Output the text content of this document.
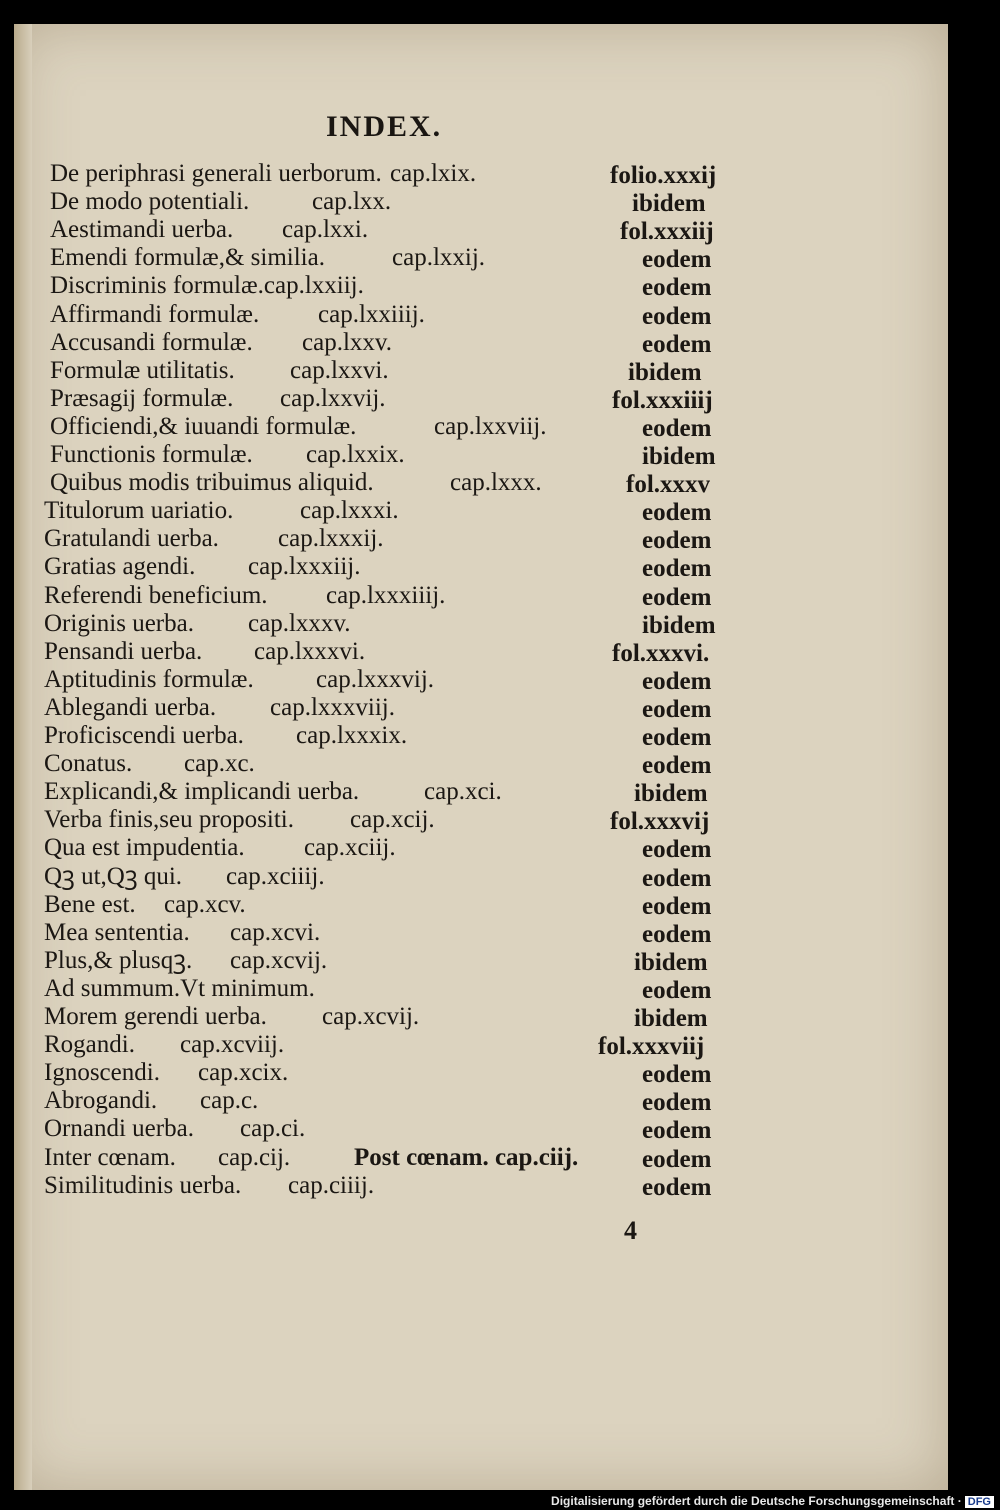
INDEX.
De periphrasi generali uerborum. cap.lxix.	folio.xxxij
De modo potentiali.	cap.lxx.	ibidem
Aestimandi uerba. cap.lxxi.	fol.xxxiij
Emendi formulæ,& similia.	cap.lxxij.	eodem
Discriminis formulæ.cap.lxxiij.	eodem
Affirmandi formulæ. cap.lxxiiij.	eodem
Accusandi formulæ. cap.lxxv.	eodem
Formulæ utilitatis. cap.lxxvi.	ibidem
Præsagij formulæ. cap.lxxvij.	fol.xxxiiij
Officiendi,& iuuandi formulæ.	cap.lxxviij.	eodem
Functionis formulæ. cap.lxxix.	ibidem
Quibus modis tribuimus aliquid.	cap.lxxx.	fol.xxxv
Titulorum uariatio.	cap.lxxxi.	eodem
Gratulandi uerba. cap.lxxxij.	eodem
Gratias agendi. cap.lxxxiij.	eodem
Referendi beneficium. cap.lxxxiiij.	eodem
Originis uerba. cap.lxxxv.	ibidem
Pensandi uerba. cap.lxxxvi.	fol.xxxvi.
Aptitudinis formulæ. cap.lxxxvij.	eodem
Ablegandi uerba. cap.lxxxviij.	eodem
Proficiscendi uerba. cap.lxxxix.	eodem
Conatus. cap.xc.	eodem
Explicandi,& implicandi uerba.	cap.xci.	ibidem
Verba finis,seu propositi. cap.xcij.	fol.xxxvij
Qua est impudentia. cap.xciij.	eodem
Qꝫ ut,Qꝫ qui. cap.xciiij.	eodem
Bene est. cap.xcv.	eodem
Mea sententia. cap.xcvi.	eodem
Plus,& plusqꝫ. cap.xcvij.	ibidem
Ad summum.Vt minimum.	eodem
Morem gerendi uerba. cap.xcvij.	ibidem
Rogandi. cap.xcviij.	fol.xxxviij
Ignoscendi. cap.xcix.	eodem
Abrogandi. cap.c.	eodem
Ornandi uerba. cap.ci.	eodem
Inter cœnam. cap.cij.	Post cœnam. cap.ciij.	eodem
Similitudinis uerba. cap.ciiij.	eodem
4
Digitalisierung gefördert durch die Deutsche Forschungsgemeinschaft · DFG
